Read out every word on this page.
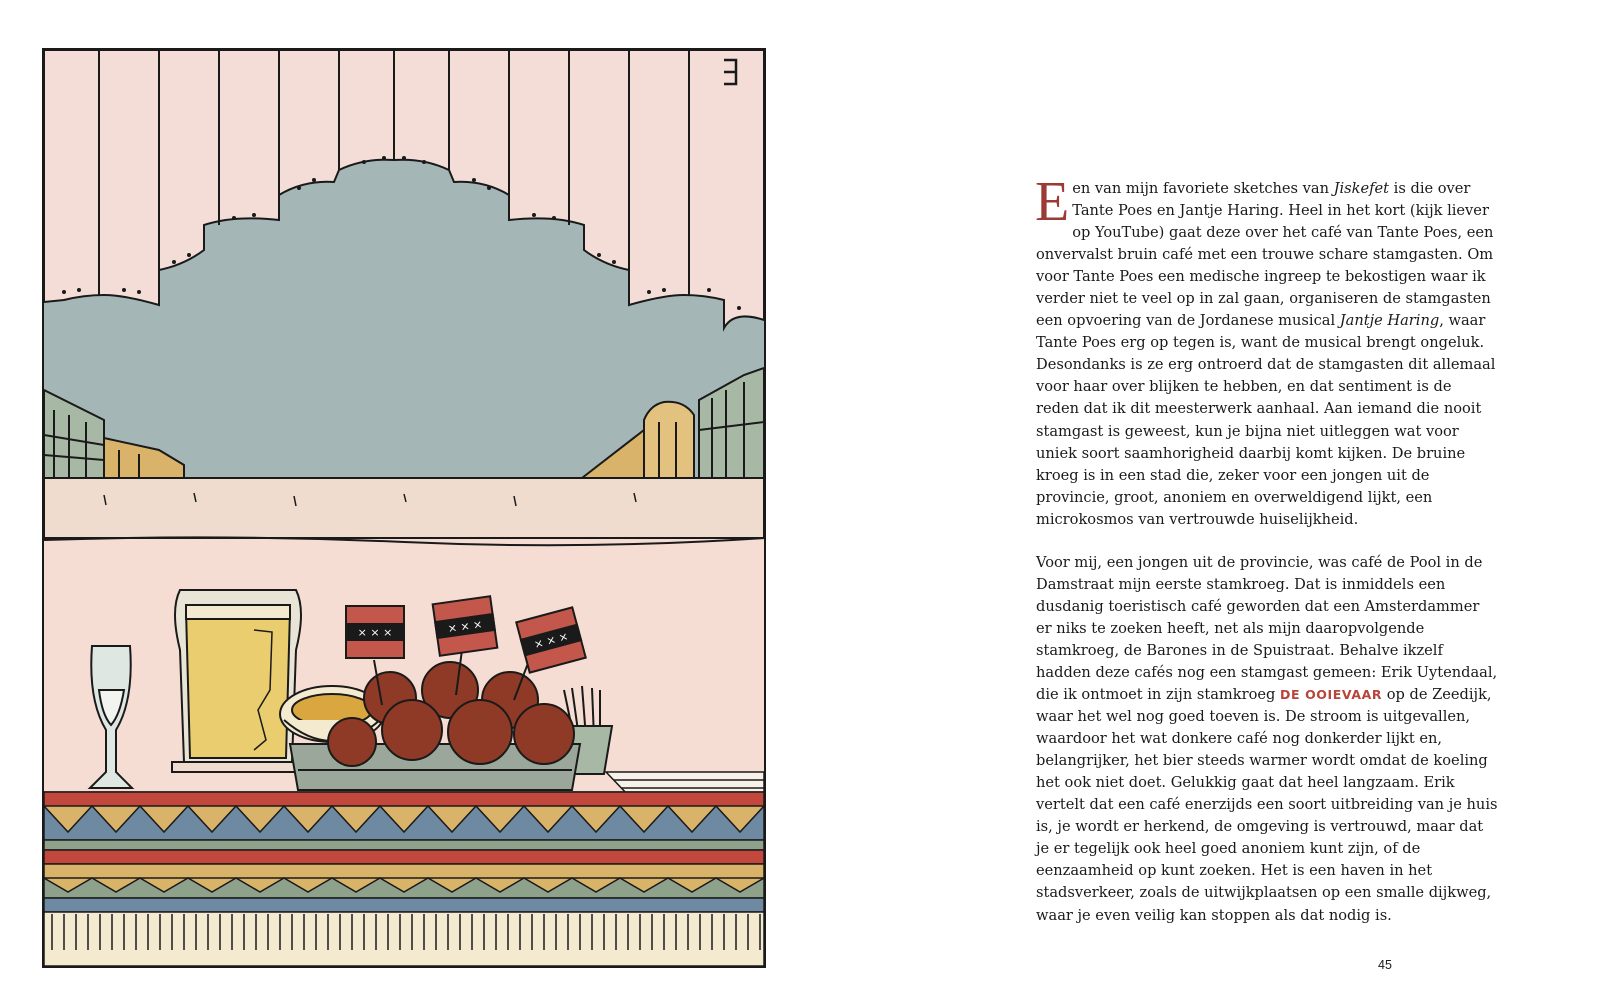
× × ×	× × ×
× × ×

Een van mijn favoriete sketches van Jiskefet is die over Tante Poes en Jantje Haring. Heel in het kort (kijk liever op YouTube) gaat deze over het café van Tante Poes, een onvervalst bruin café met een trouwe schare stamgasten. Om voor Tante Poes een medische ingreep te bekostigen waar ik verder niet te veel op in zal gaan, organiseren de stamgasten een opvoering van de Jordanese musical Jantje Haring, waar Tante Poes erg op tegen is, want de musical brengt ongeluk. Desondanks is ze erg ontroerd dat de stamgasten dit allemaal voor haar over blijken te hebben, en dat sentiment is de reden dat ik dit meesterwerk aanhaal. Aan iemand die nooit stamgast is geweest, kun je bijna niet uitleggen wat voor uniek soort saamhorigheid daarbij komt kijken. De bruine kroeg is in een stad die, zeker voor een jongen uit de provincie, groot, anoniem en overweldigend lijkt, een microkosmos van vertrouwde huiselijkheid.

Voor mij, een jongen uit de provincie, was café de Pool in de Damstraat mijn eerste stamkroeg. Dat is inmiddels een dusdanig toeristisch café geworden dat een Amsterdammer er niks te zoeken heeft, net als mijn daaropvolgende stamkroeg, de Barones in de Spuistraat. Behalve ikzelf hadden deze cafés nog een stamgast gemeen: Erik Uytendaal, die ik ontmoet in zijn stamkroeg DE OOIEVAAR op de Zeedijk, waar het wel nog goed toeven is. De stroom is uitgevallen, waardoor het wat donkere café nog donkerder lijkt en, belangrijker, het bier steeds warmer wordt omdat de koeling het ook niet doet. Gelukkig gaat dat heel langzaam. Erik vertelt dat een café enerzijds een soort uitbreiding van je huis is, je wordt er herkend, de omgeving is vertrouwd, maar dat je er tegelijk ook heel goed anoniem kunt zijn, of de eenzaamheid op kunt zoeken. Het is een haven in het stadsverkeer, zoals de uitwijkplaatsen op een smalle dijkweg, waar je even veilig kan stoppen als dat nodig is.

45
